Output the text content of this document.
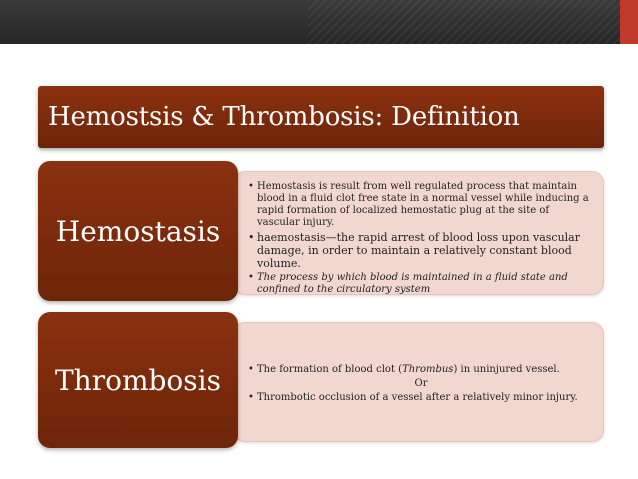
Hemostsis & Thrombosis: Definition
Hemostasis
• Hemostasis is result from well regulated process that maintain blood in a fluid clot free state in a normal vessel while inducing a rapid formation of localized hemostatic plug at the site of vascular injury.
• haemostasis—the rapid arrest of blood loss upon vascular damage, in order to maintain a relatively constant blood volume.
• The process by which blood is maintained in a fluid state and confined to the circulatory system
Thrombosis
•	The formation of blood clot (Thrombus) in uninjured vessel.
Or
• Thrombotic occlusion of a vessel after a relatively minor injury.
